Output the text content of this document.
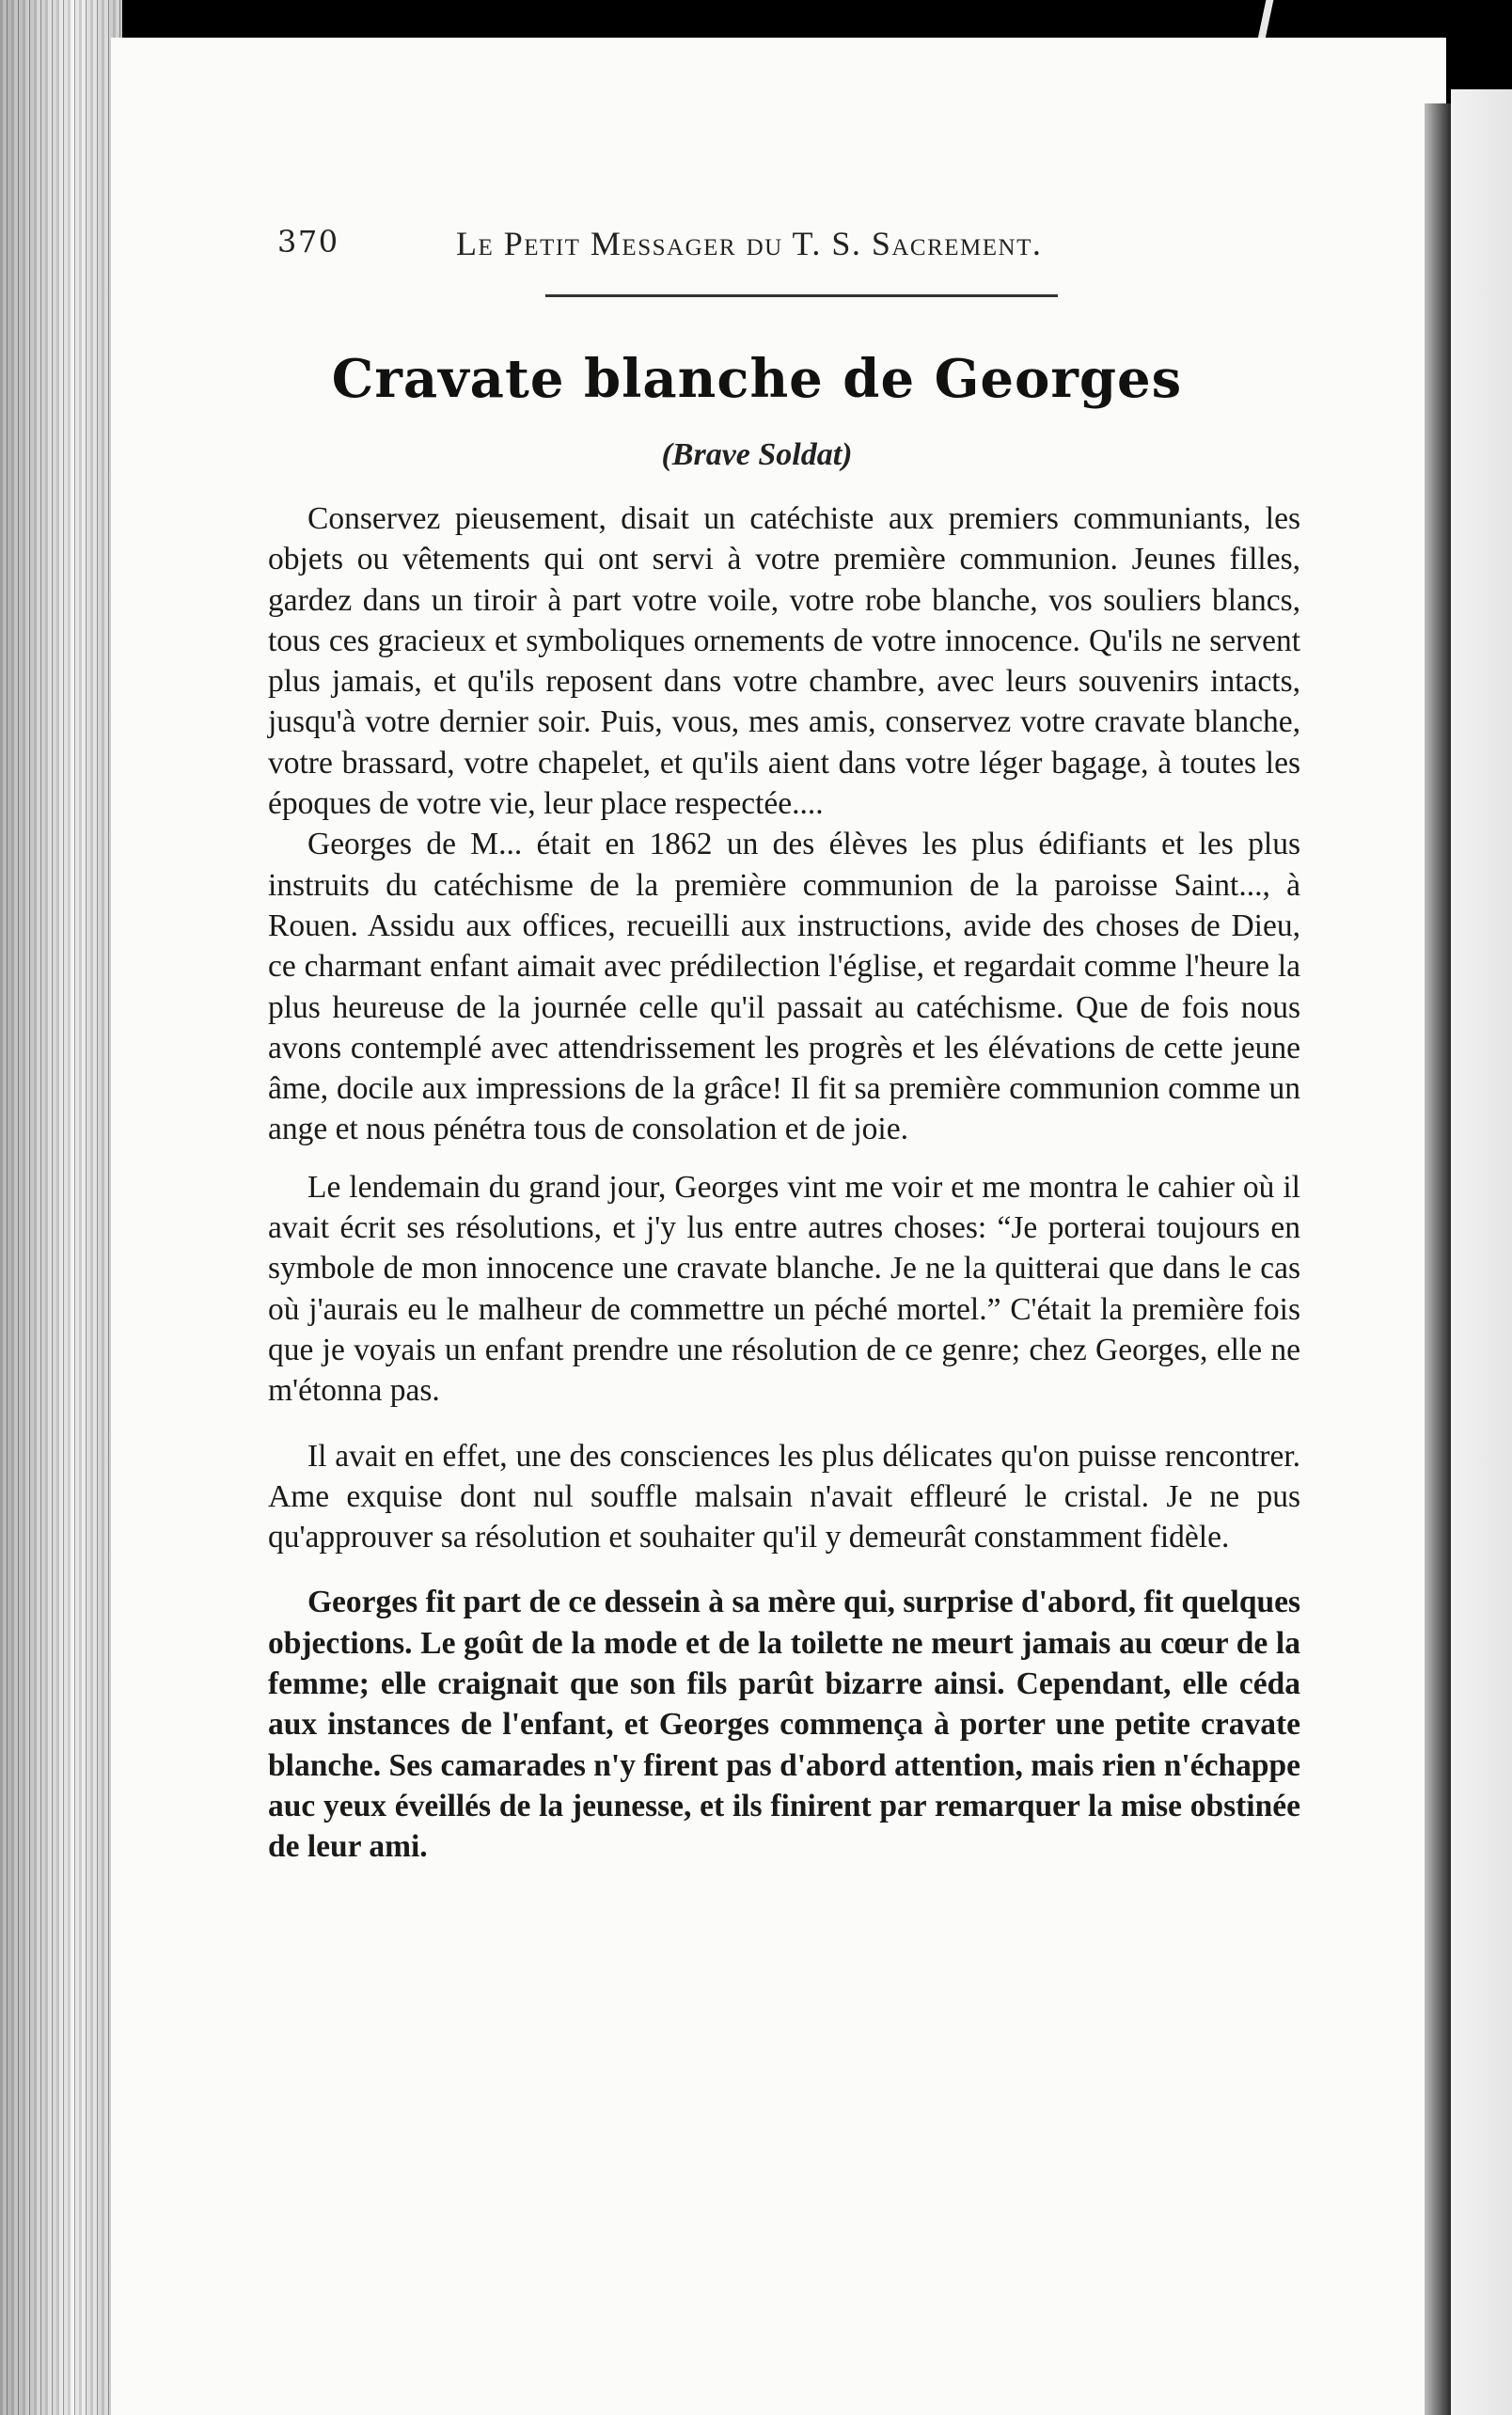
370	Le Petit Messager du T. S. Sacrement.
Cravate blanche de Georges
(Brave Soldat)

Conservez pieusement, disait un catéchiste aux premiers communiants, les objets ou vêtements qui ont servi à votre première communion. Jeunes filles, gardez dans un tiroir à part votre voile, votre robe blanche, vos souliers blancs, tous ces gracieux et symboliques ornements de votre innocence. Qu'ils ne servent plus jamais, et qu'ils reposent dans votre chambre, avec leurs souvenirs intacts, jusqu'à votre dernier soir. Puis, vous, mes amis, conservez votre cravate blanche, votre brassard, votre chapelet, et qu'ils aient dans votre léger bagage, à toutes les époques de votre vie, leur place respectée....

Georges de M... était en 1862 un des élèves les plus édifiants et les plus instruits du catéchisme de la première communion de la paroisse Saint..., à Rouen. Assidu aux offices, recueilli aux instructions, avide des choses de Dieu, ce charmant enfant aimait avec prédilection l'église, et regardait comme l'heure la plus heureuse de la journée celle qu'il passait au catéchisme. Que de fois nous avons contemplé avec attendrissement les progrès et les élévations de cette jeune âme, docile aux impressions de la grâce! Il fit sa première communion comme un ange et nous pénétra tous de consolation et de joie.

Le lendemain du grand jour, Georges vint me voir et me montra le cahier où il avait écrit ses résolutions, et j'y lus entre autres choses: “Je porterai toujours en symbole de mon innocence une cravate blanche. Je ne la quitterai que dans le cas où j'aurais eu le malheur de commettre un péché mortel.” C'était la première fois que je voyais un enfant prendre une résolution de ce genre; chez Georges, elle ne m'étonna pas.

Il avait en effet, une des consciences les plus délicates qu'on puisse rencontrer. Ame exquise dont nul souffle malsain n'avait effleuré le cristal. Je ne pus qu'approuver sa résolution et souhaiter qu'il y demeurât constamment fidèle.

Georges fit part de ce dessein à sa mère qui, surprise d'abord, fit quelques objections. Le goût de la mode et de la toilette ne meurt jamais au cœur de la femme; elle craignait que son fils parût bizarre ainsi. Cependant, elle céda aux instances de l'enfant, et Georges commença à porter une petite cravate blanche. Ses camarades n'y firent pas d'abord attention, mais rien n'échappe auc yeux éveillés de la jeunesse, et ils finirent par remarquer la mise obstinée de leur ami.
